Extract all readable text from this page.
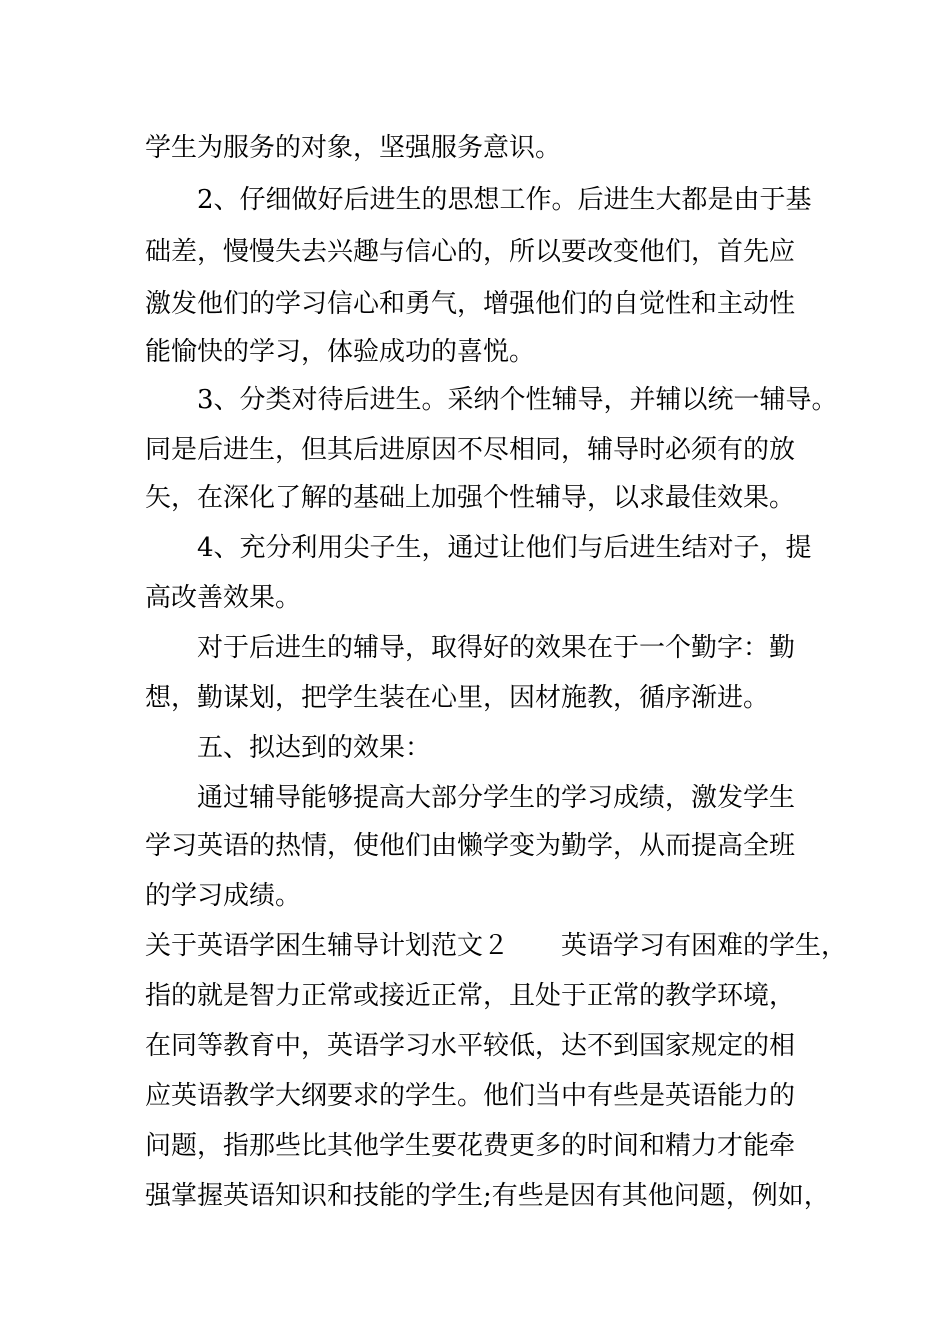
学生为服务的对象，坚强服务意识。
2、仔细做好后进生的思想工作。后进生大都是由于基
础差，慢慢失去兴趣与信心的，所以要改变他们，首先应
激发他们的学习信心和勇气，增强他们的自觉性和主动性
能愉快的学习，体验成功的喜悦。
3、分类对待后进生。采纳个性辅导，并辅以统一辅导。
同是后进生，但其后进原因不尽相同，辅导时必须有的放
矢，在深化了解的基础上加强个性辅导，以求最佳效果。
4、充分利用尖子生，通过让他们与后进生结对子，提
高改善效果。
对于后进生的辅导，取得好的效果在于一个勤字：勤
想，勤谋划，把学生装在心里，因材施教，循序渐进。
五、拟达到的效果：
通过辅导能够提高大部分学生的学习成绩，激发学生
学习英语的热情，使他们由懒学变为勤学，从而提高全班
的学习成绩。
关于英语学困生辅导计划范文２　　英语学习有困难的学生，
指的就是智力正常或接近正常，且处于正常的教学环境，
在同等教育中，英语学习水平较低，达不到国家规定的相
应英语教学大纲要求的学生。他们当中有些是英语能力的
问题，指那些比其他学生要花费更多的时间和精力才能牵
强掌握英语知识和技能的学生;有些是因有其他问题，例如，
